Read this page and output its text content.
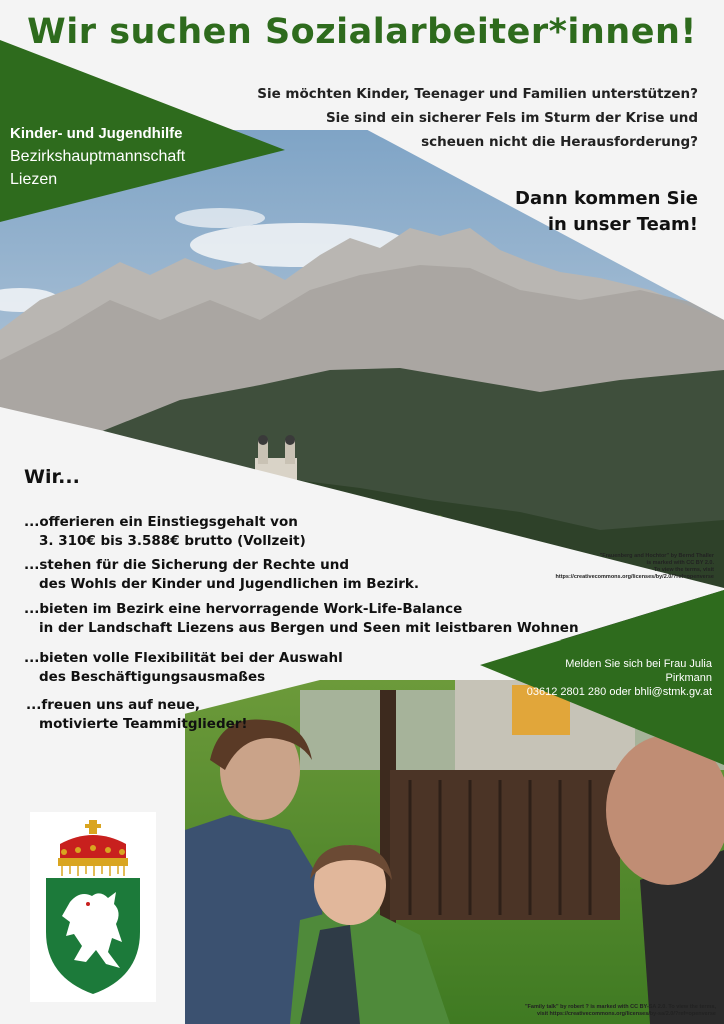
Wir suchen Sozialarbeiter*innen!
Kinder- und Jugendhilfe
Bezirkshauptmannschaft
Liezen
Sie möchten Kinder, Teenager und Familien unterstützen?
Sie sind ein sicherer Fels im Sturm der Krise und
scheuen nicht die Herausforderung?
Dann kommen Sie
in unser Team!
Wir...
...offerieren ein Einstiegsgehalt von
3. 310€ bis 3.588€ brutto (Vollzeit)
...stehen für die Sicherung der Rechte und
des Wohls der Kinder und Jugendlichen im Bezirk.
...bieten im Bezirk eine hervorragende Work-Life-Balance
in der Landschaft Liezens aus Bergen und Seen mit leistbaren Wohnen
...bieten volle Flexibilität bei der Auswahl
des Beschäftigungsausmaßes
...freuen uns auf neue,
motivierte Teammitglieder!
Melden Sie sich bei Frau Julia Pirkmann
03612 2801 280 oder bhli@stmk.gv.at
"Frauenberg and Hochtor" by Bernd Thaller
is marked with CC BY 2.0.
To view the terms, visit
https://creativecommons.org/licenses/by/2.0/?ref=openverse
"Family talk" by robert ? is marked with CC BY-SA 2.0. To view the terms,
visit https://creativecommons.org/licenses/by-sa/2.0/?ref=openverse
